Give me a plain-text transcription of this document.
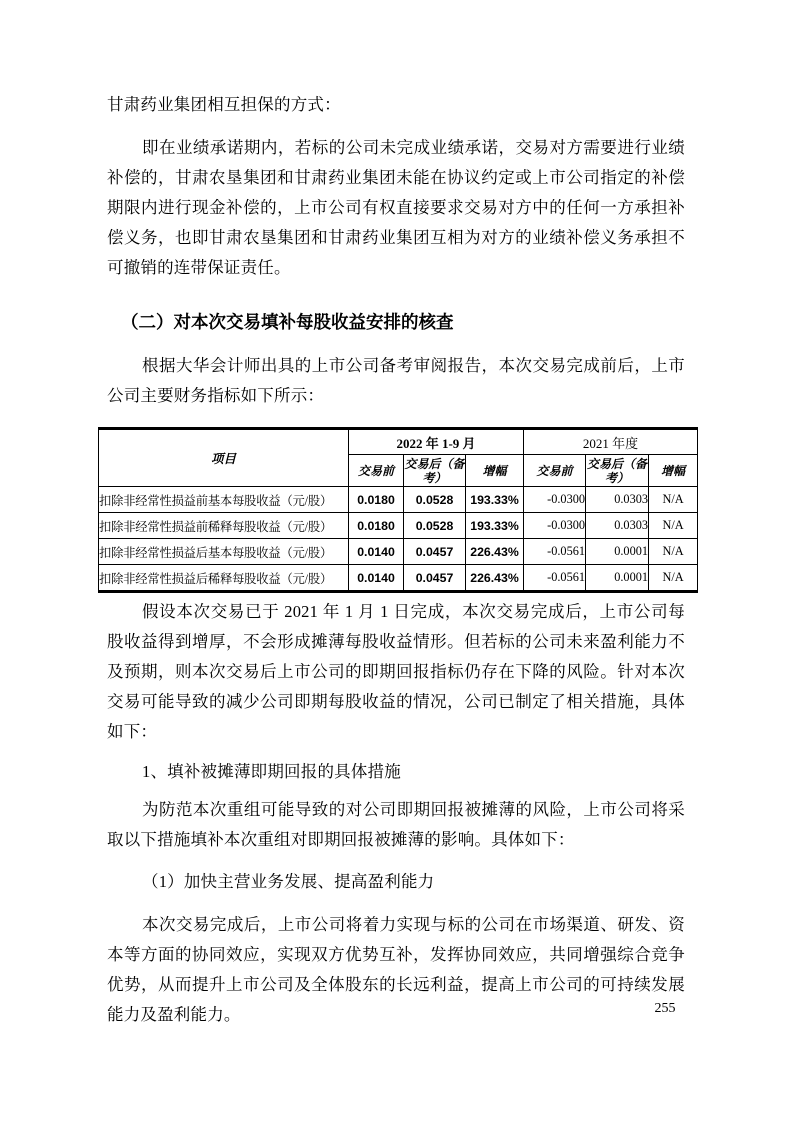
甘肃药业集团相互担保的方式：

即在业绩承诺期内，若标的公司未完成业绩承诺，交易对方需要进行业绩补偿的，甘肃农垦集团和甘肃药业集团未能在协议约定或上市公司指定的补偿期限内进行现金补偿的，上市公司有权直接要求交易对方中的任何一方承担补偿义务，也即甘肃农垦集团和甘肃药业集团互相为对方的业绩补偿义务承担不可撤销的连带保证责任。

（二）对本次交易填补每股收益安排的核查

根据大华会计师出具的上市公司备考审阅报告，本次交易完成前后，上市公司主要财务指标如下所示：

项目	2022 年 1-9 月			2021 年度		
	交易前	交易后（备考）	增幅	交易前	交易后（备考）	增幅
扣除非经常性损益前基本每股收益（元/股）	0.0180	0.0528	193.33%	-0.0300	0.0303	N/A
扣除非经常性损益前稀释每股收益（元/股）	0.0180	0.0528	193.33%	-0.0300	0.0303	N/A
扣除非经常性损益后基本每股收益（元/股）	0.0140	0.0457	226.43%	-0.0561	0.0001	N/A
扣除非经常性损益后稀释每股收益（元/股）	0.0140	0.0457	226.43%	-0.0561	0.0001	N/A

假设本次交易已于 2021 年 1 月 1 日完成，本次交易完成后，上市公司每股收益得到增厚，不会形成摊薄每股收益情形。但若标的公司未来盈利能力不及预期，则本次交易后上市公司的即期回报指标仍存在下降的风险。针对本次交易可能导致的减少公司即期每股收益的情况，公司已制定了相关措施，具体如下：

1、填补被摊薄即期回报的具体措施

为防范本次重组可能导致的对公司即期回报被摊薄的风险，上市公司将采取以下措施填补本次重组对即期回报被摊薄的影响。具体如下：

（1）加快主营业务发展、提高盈利能力

本次交易完成后，上市公司将着力实现与标的公司在市场渠道、研发、资本等方面的协同效应，实现双方优势互补，发挥协同效应，共同增强综合竞争优势，从而提升上市公司及全体股东的长远利益，提高上市公司的可持续发展能力及盈利能力。	255
